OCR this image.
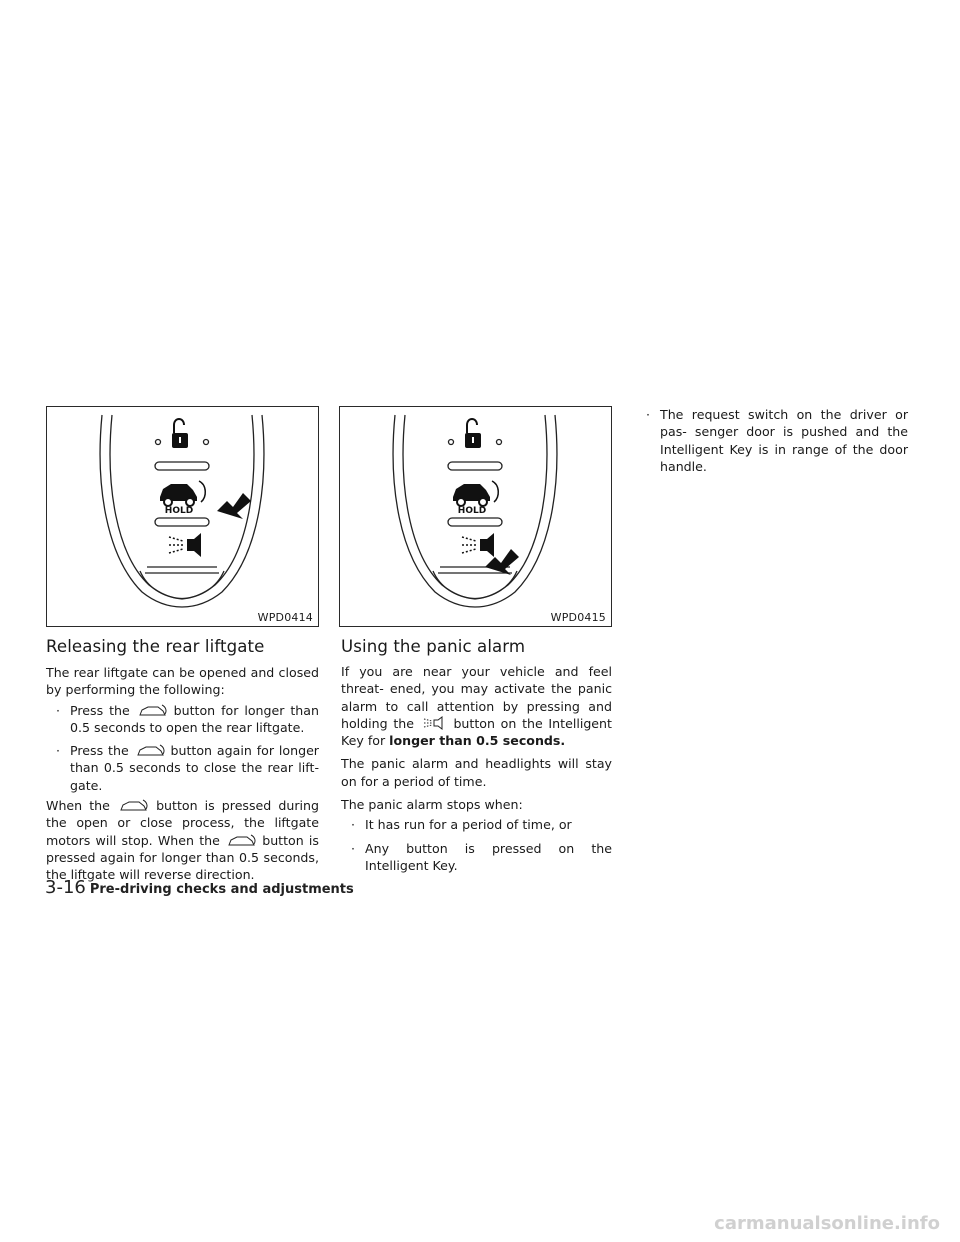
HOLD
WPD0414
HOLD
WPD0415
Releasing the rear liftgate

The rear liftgate can be opened and closed by performing the following:

· Press the	button for longer than 0.5 seconds to open the rear liftgate.
· Press the	button again for longer than 0.5 seconds to close the rear lift- gate.

When the	button is pressed during the open or close process, the liftgate motors will stop. When the	button is pressed again for longer than 0.5 seconds, the liftgate will reverse direction.

Using the panic alarm

If you are near your vehicle and feel threat- ened, you may activate the panic alarm to call attention by pressing and holding the	button on the Intelligent Key for longer than 0.5 seconds.

The panic alarm and headlights will stay on for a period of time.

The panic alarm stops when:

· It has run for a period of time, or
· Any button is pressed on the Intelligent Key.
· The request switch on the driver or pas- senger door is pushed and the Intelligent Key is in range of the door handle.
3-16 Pre-driving checks and adjustments
carmanualsonline.info
